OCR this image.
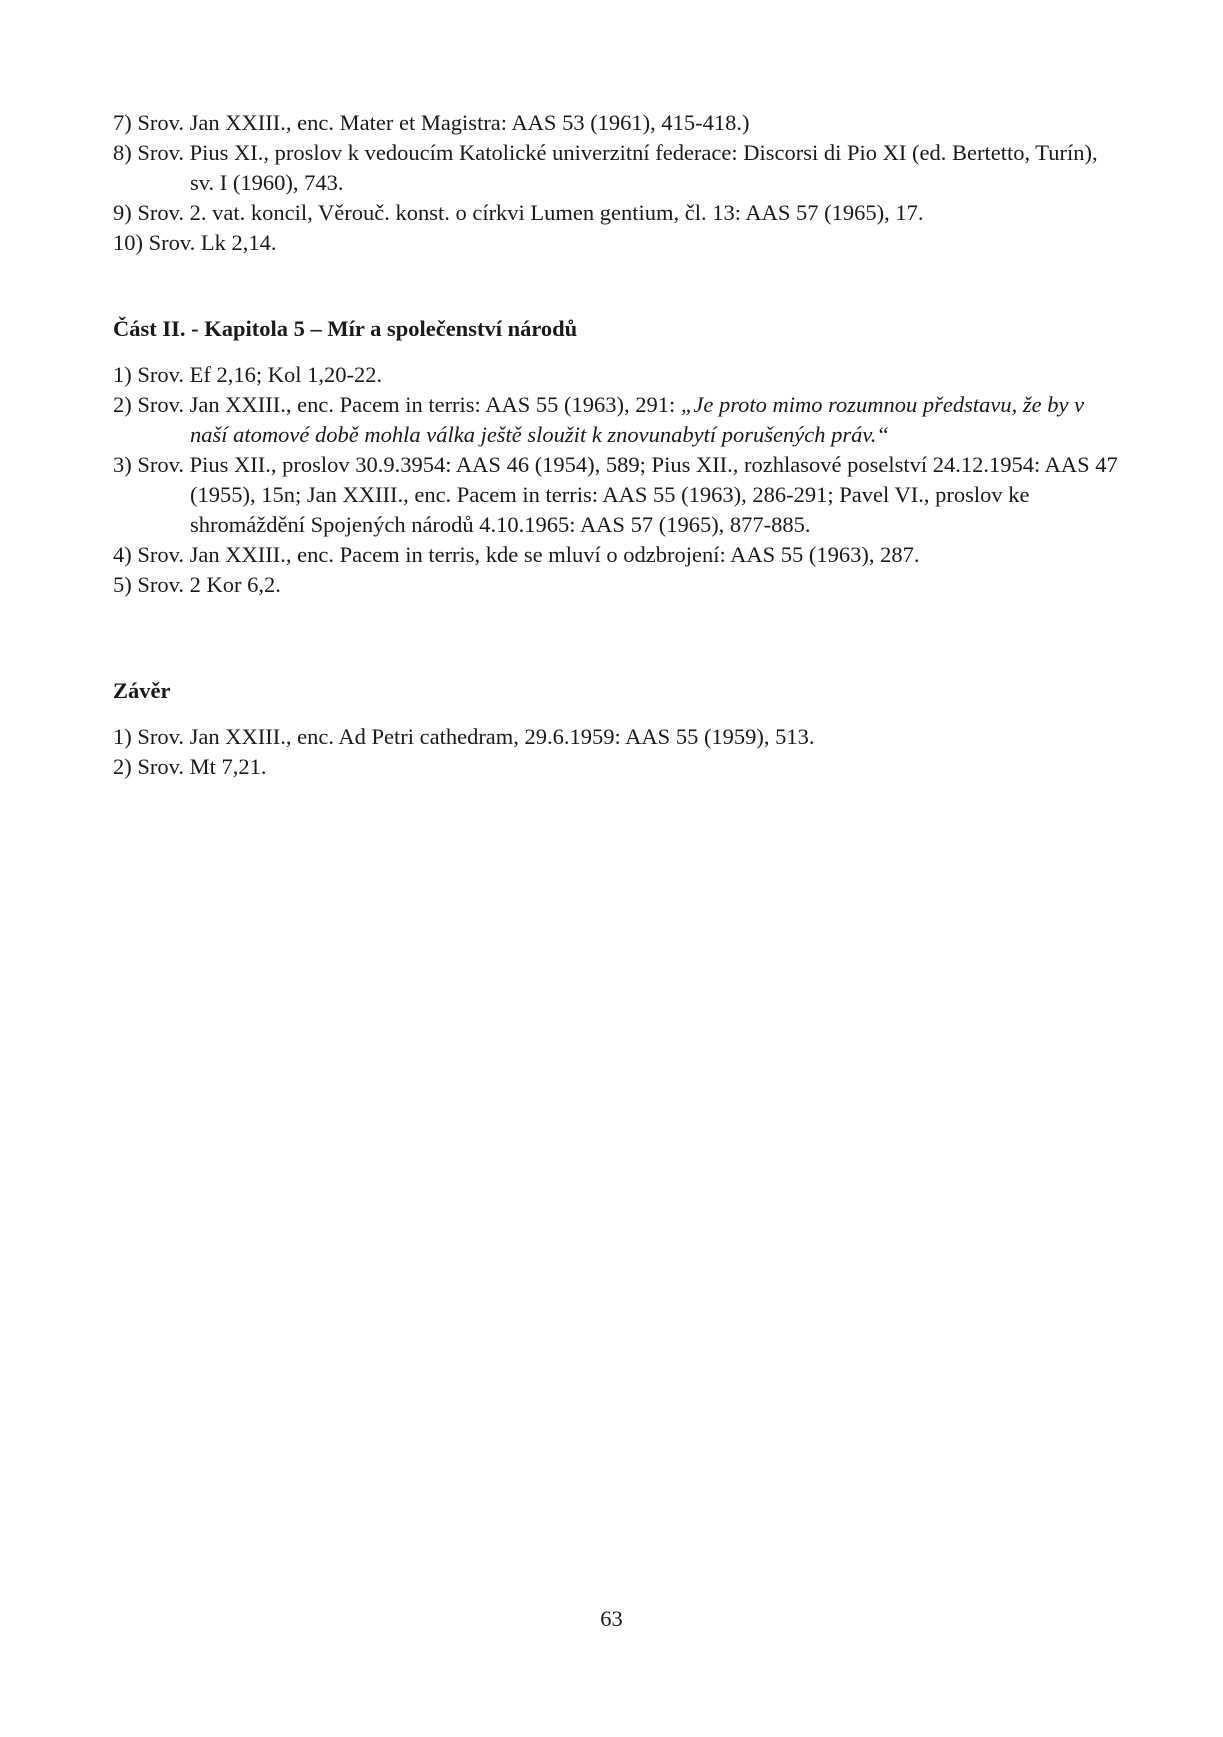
7) Srov. Jan XXIII., enc. Mater et Magistra: AAS 53 (1961), 415-418.)

8) Srov. Pius XI., proslov k vedoucím Katolické univerzitní federace: Discorsi di Pio XI (ed. Bertetto, Turín), sv. I (1960), 743.

9) Srov. 2. vat. koncil, Věrouč. konst. o církvi Lumen gentium, čl. 13: AAS 57 (1965), 17.

10) Srov. Lk 2,14.

Část II. - Kapitola 5 – Mír a společenství národů

1) Srov. Ef 2,16; Kol 1,20-22.

2) Srov. Jan XXIII., enc. Pacem in terris: AAS 55 (1963), 291: „Je proto mimo rozumnou představu, že by v naší atomové době mohla válka ještě sloužit k znovunabytí porušených práv.“

3) Srov. Pius XII., proslov 30.9.3954: AAS 46 (1954), 589; Pius XII., rozhlasové poselství 24.12.1954: AAS 47 (1955), 15n; Jan XXIII., enc. Pacem in terris: AAS 55 (1963), 286-291; Pavel VI., proslov ke shromáždění Spojených národů 4.10.1965: AAS 57 (1965), 877-885.

4) Srov. Jan XXIII., enc. Pacem in terris, kde se mluví o odzbrojení: AAS 55 (1963), 287.

5) Srov. 2 Kor 6,2.

Závěr

1) Srov. Jan XXIII., enc. Ad Petri cathedram, 29.6.1959: AAS 55 (1959), 513.

2) Srov. Mt 7,21.

63
